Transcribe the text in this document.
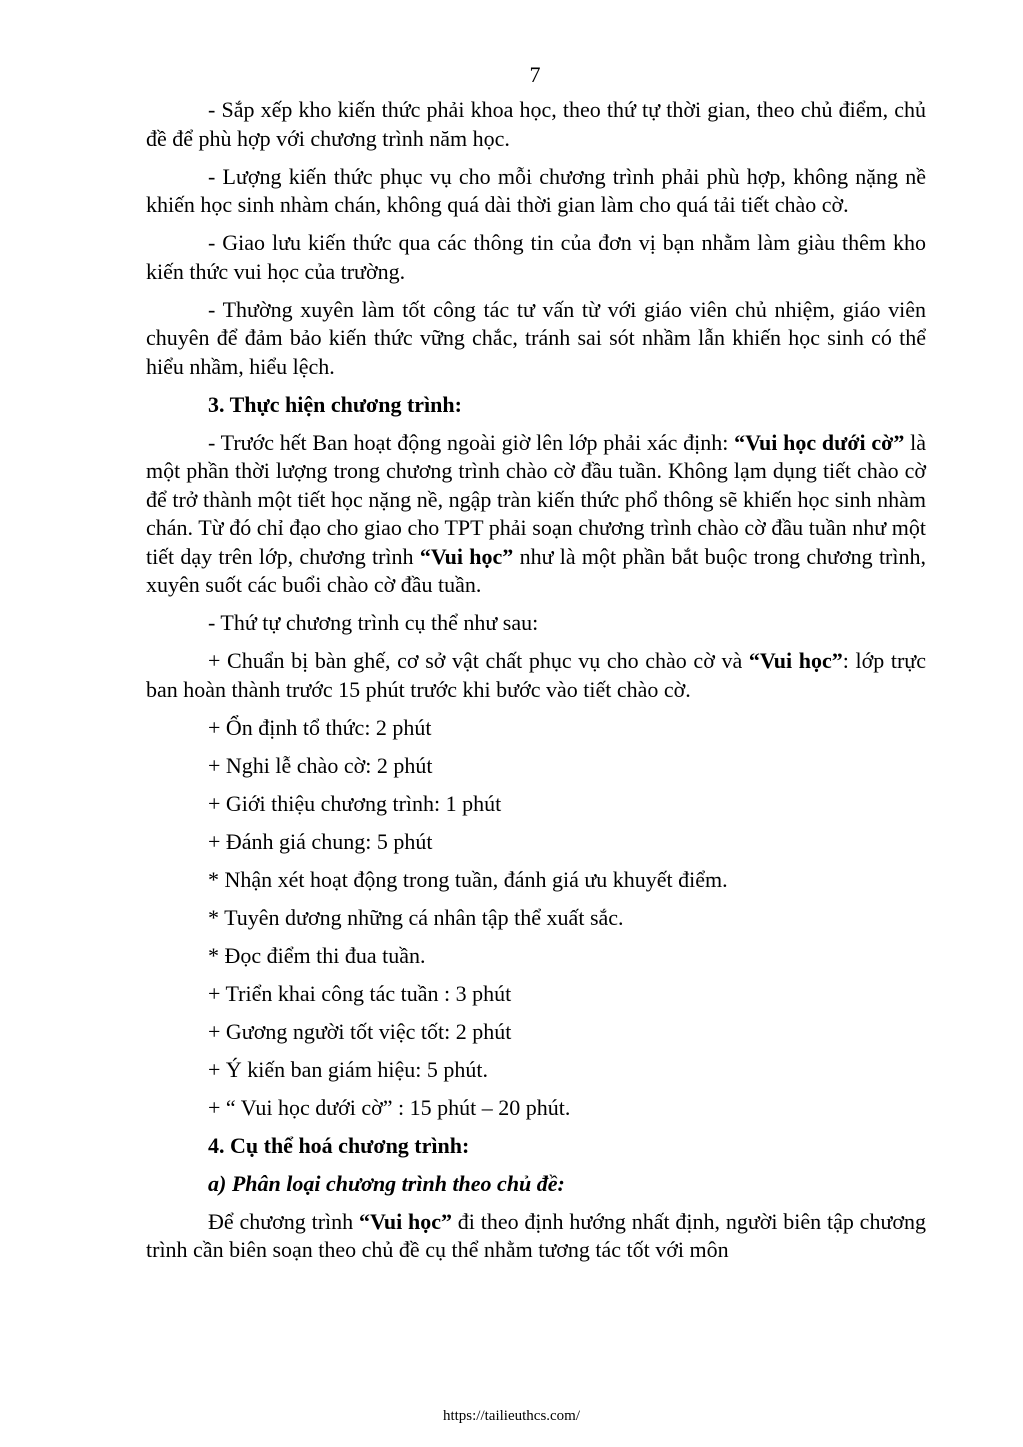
7

- Sắp xếp kho kiến thức phải khoa học, theo thứ tự thời gian, theo chủ điểm, chủ đề để phù hợp với chương trình năm học.

- Lượng kiến thức phục vụ cho mỗi chương trình phải phù hợp, không nặng nề khiến học sinh nhàm chán, không quá dài thời gian làm cho quá tải tiết chào cờ.

- Giao lưu kiến thức qua các thông tin của đơn vị bạn nhằm làm giàu thêm kho kiến thức vui học của trường.

- Thường xuyên làm tốt công tác tư vấn từ với giáo viên chủ nhiệm, giáo viên chuyên để đảm bảo kiến thức vững chắc, tránh sai sót nhầm lẫn khiến học sinh có thể hiểu nhầm, hiểu lệch.

3. Thực hiện chương trình:

- Trước hết Ban hoạt động ngoài giờ lên lớp phải xác định: “Vui học dưới cờ” là một phần thời lượng trong chương trình chào cờ đầu tuần. Không lạm dụng tiết chào cờ để trở thành một tiết học nặng nề, ngập tràn kiến thức phổ thông sẽ khiến học sinh nhàm chán. Từ đó chỉ đạo cho giao cho TPT phải soạn chương trình chào cờ đầu tuần như một tiết dạy trên lớp, chương trình “Vui học” như là một phần bắt buộc trong chương trình, xuyên suốt các buổi chào cờ đầu tuần.

- Thứ tự chương trình cụ thể như sau:

+ Chuẩn bị bàn ghế, cơ sở vật chất phục vụ cho chào cờ và “Vui học”: lớp trực ban hoàn thành trước 15 phút trước khi bước vào tiết chào cờ.

+ Ổn định tổ thức: 2 phút

+ Nghi lễ chào cờ: 2 phút

+ Giới thiệu chương trình: 1 phút

+ Đánh giá chung: 5 phút

* Nhận xét hoạt động trong tuần, đánh giá ưu khuyết điểm.

* Tuyên dương những cá nhân tập thể xuất sắc.

* Đọc điểm thi đua tuần.

+ Triển khai công tác tuần : 3 phút

+ Gương người tốt việc tốt: 2 phút

+ Ý kiến ban giám hiệu: 5 phút.

+ “ Vui học dưới cờ” : 15 phút – 20 phút.

4. Cụ thể hoá chương trình:

a) Phân loại chương trình theo chủ đề:

Để chương trình “Vui học” đi theo định hướng nhất định, người biên tập chương trình cần biên soạn theo chủ đề cụ thể nhằm tương tác tốt với môn

https://tailieuthcs.com/
